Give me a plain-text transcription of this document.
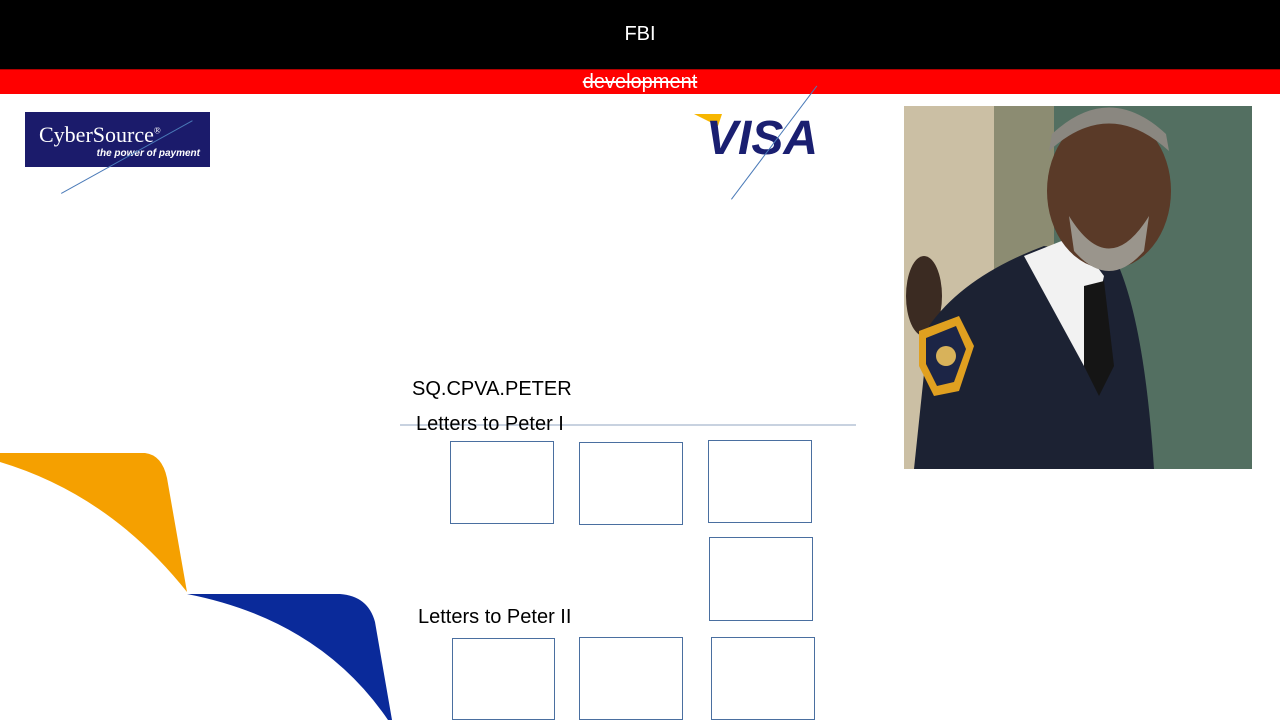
FBI
development
CyberSource®
the power of payment	VISA
SQ.CPVA.PETER
Letters to Peter I
Letters to Peter II
